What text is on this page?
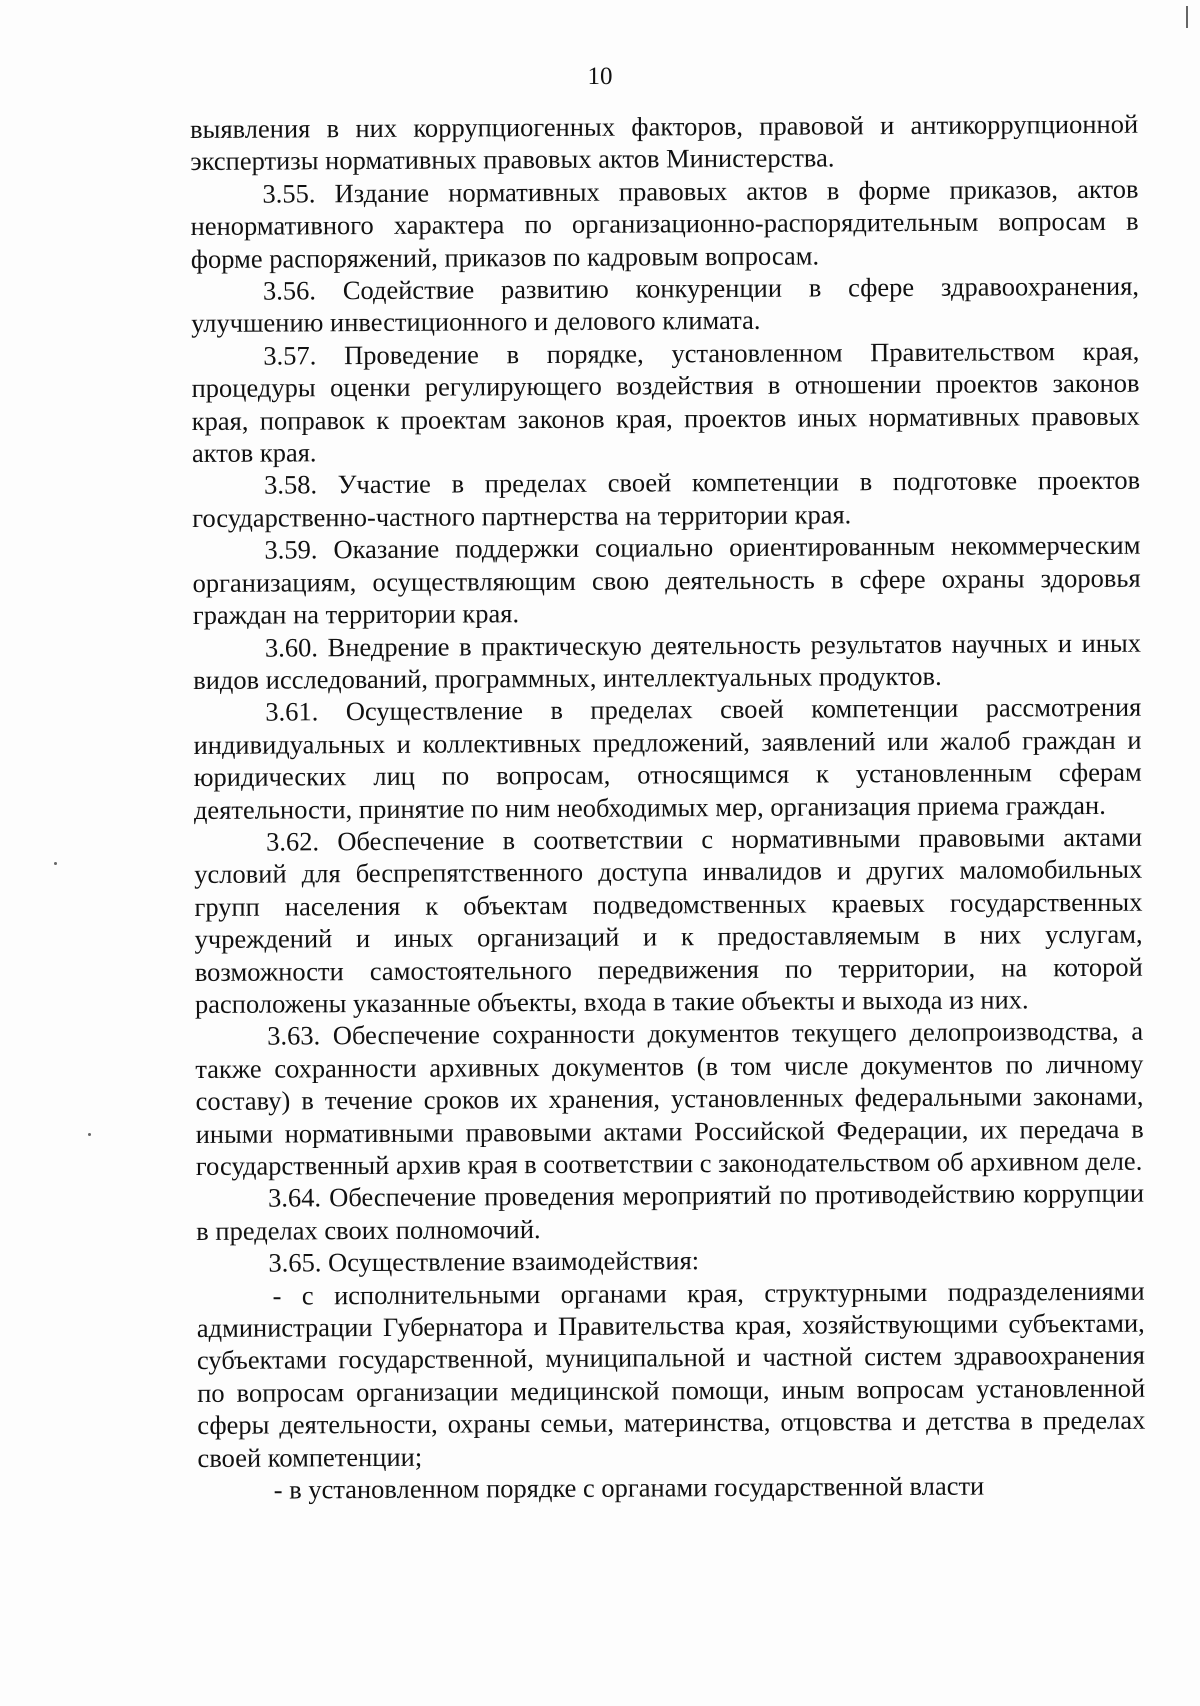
10

выявления в них коррупциогенных факторов, правовой и антикоррупционной экспертизы нормативных правовых актов Министерства.

3.55. Издание нормативных правовых актов в форме приказов, актов ненормативного характера по организационно-распорядительным вопросам в форме распоряжений, приказов по кадровым вопросам.

3.56. Содействие развитию конкуренции в сфере здравоохранения, улучшению инвестиционного и делового климата.

3.57. Проведение в порядке, установленном Правительством края, процедуры оценки регулирующего воздействия в отношении проектов законов края, поправок к проектам законов края, проектов иных нормативных правовых актов края.

3.58. Участие в пределах своей компетенции в подготовке проектов государственно-частного партнерства на территории края.

3.59. Оказание поддержки социально ориентированным некоммерческим организациям, осуществляющим свою деятельность в сфере охраны здоровья граждан на территории края.

3.60. Внедрение в практическую деятельность результатов научных и иных видов исследований, программных, интеллектуальных продуктов.

3.61. Осуществление в пределах своей компетенции рассмотрения индивидуальных и коллективных предложений, заявлений или жалоб граждан и юридических лиц по вопросам, относящимся к установленным сферам деятельности, принятие по ним необходимых мер, организация приема граждан.

3.62. Обеспечение в соответствии с нормативными правовыми актами условий для беспрепятственного доступа инвалидов и других маломобильных групп населения к объектам подведомственных краевых государственных учреждений и иных организаций и к предоставляемым в них услугам, возможности самостоятельного передвижения по территории, на которой расположены указанные объекты, входа в такие объекты и выхода из них.

3.63. Обеспечение сохранности документов текущего делопроизводства, а также сохранности архивных документов (в том числе документов по личному составу) в течение сроков их хранения, установленных федеральными законами, иными нормативными правовыми актами Российской Федерации, их передача в государственный архив края в соответствии с законодательством об архивном деле.

3.64. Обеспечение проведения мероприятий по противодействию коррупции в пределах своих полномочий.

3.65. Осуществление взаимодействия:

- с исполнительными органами края, структурными подразделениями администрации Губернатора и Правительства края, хозяйствующими субъектами, субъектами государственной, муниципальной и частной систем здравоохранения по вопросам организации медицинской помощи, иным вопросам установленной сферы деятельности, охраны семьи, материнства, отцовства и детства в пределах своей компетенции;

- в установленном порядке с органами государственной власти
